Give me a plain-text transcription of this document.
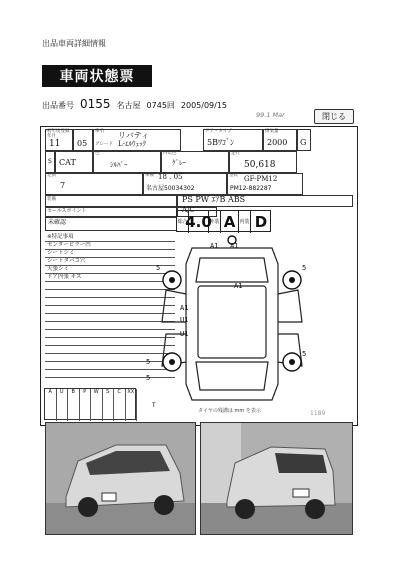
出品車両詳細情報
車両状態票
出品番号 0155 名古屋 0745回 2005/09/15
99.1 Mar	閉じる
初年度登録年月
11 05
車名 リバティ
グレード L-ｴﾙｳｪｯｸ
ドア・タイプ
5Bﾜｺﾞﾝ
排気量
2000 G
S CAT
色
ｼﾙﾊﾞｰ
内装色
ｸﾞﾚｰ
走行
50,618
定員
7
車検 18 . 05
名古屋50034302
型式 GF-PM12
PM12-882287
装備	PS PW ｴｱB ABS
A/C
セールスポイント
未確認
※特記事項
センターピラー凹
シートシミ
シートタバコ穴
天張シミ
ドア内張 キズ
総合
4.0
外装 A 内装 D
A1 A1
A1
A1
U1
U1
5	5
5
5
5
T
A	U	B	P	W	S	C	XX
タイヤの残溝は mm を表示	1189
